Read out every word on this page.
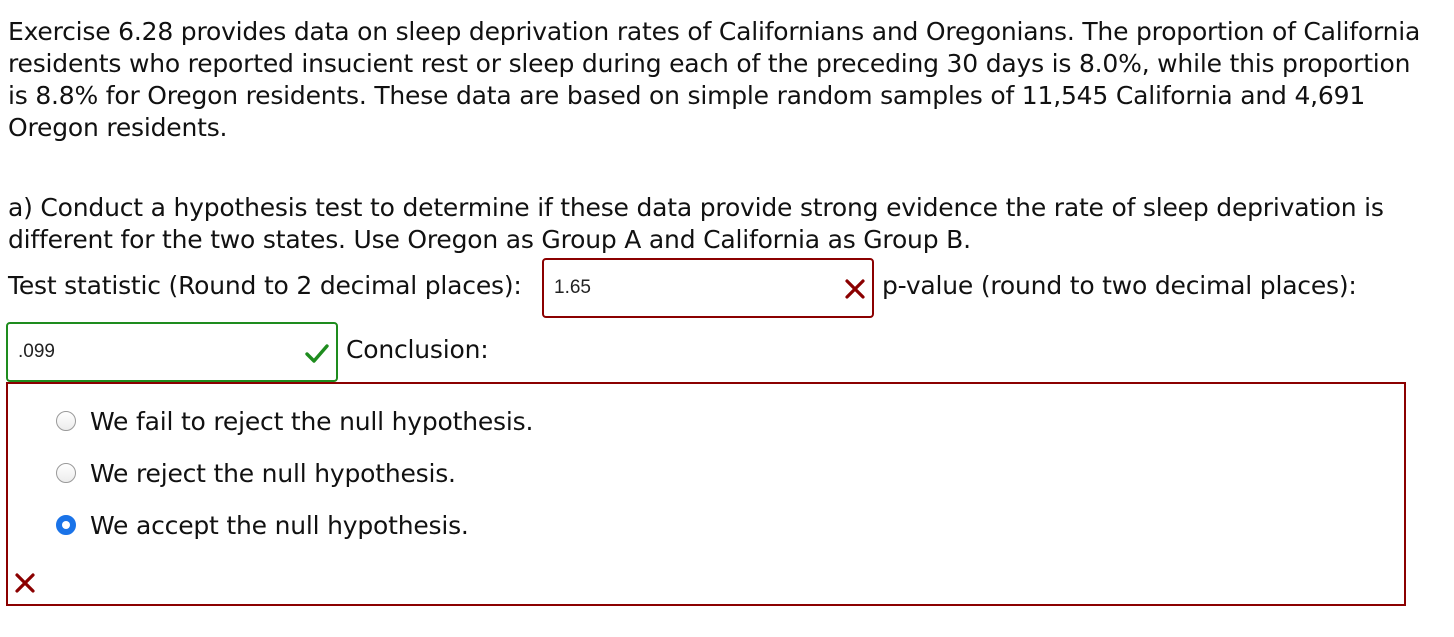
Exercise 6.28 provides data on sleep deprivation rates of Californians and Oregonians. The proportion of California residents who reported insucient rest or sleep during each of the preceding 30 days is 8.0%, while this proportion is 8.8% for Oregon residents. These data are based on simple random samples of 11,545 California and 4,691 Oregon residents.

a) Conduct a hypothesis test to determine if these data provide strong evidence the rate of sleep deprivation is different for the two states. Use Oregon as Group A and California as Group B.

Test statistic (Round to 2 decimal places):
1.65	p-value (round to two decimal places):
.099
Conclusion:
We fail to reject the null hypothesis.
We reject the null hypothesis.
We accept the null hypothesis.
